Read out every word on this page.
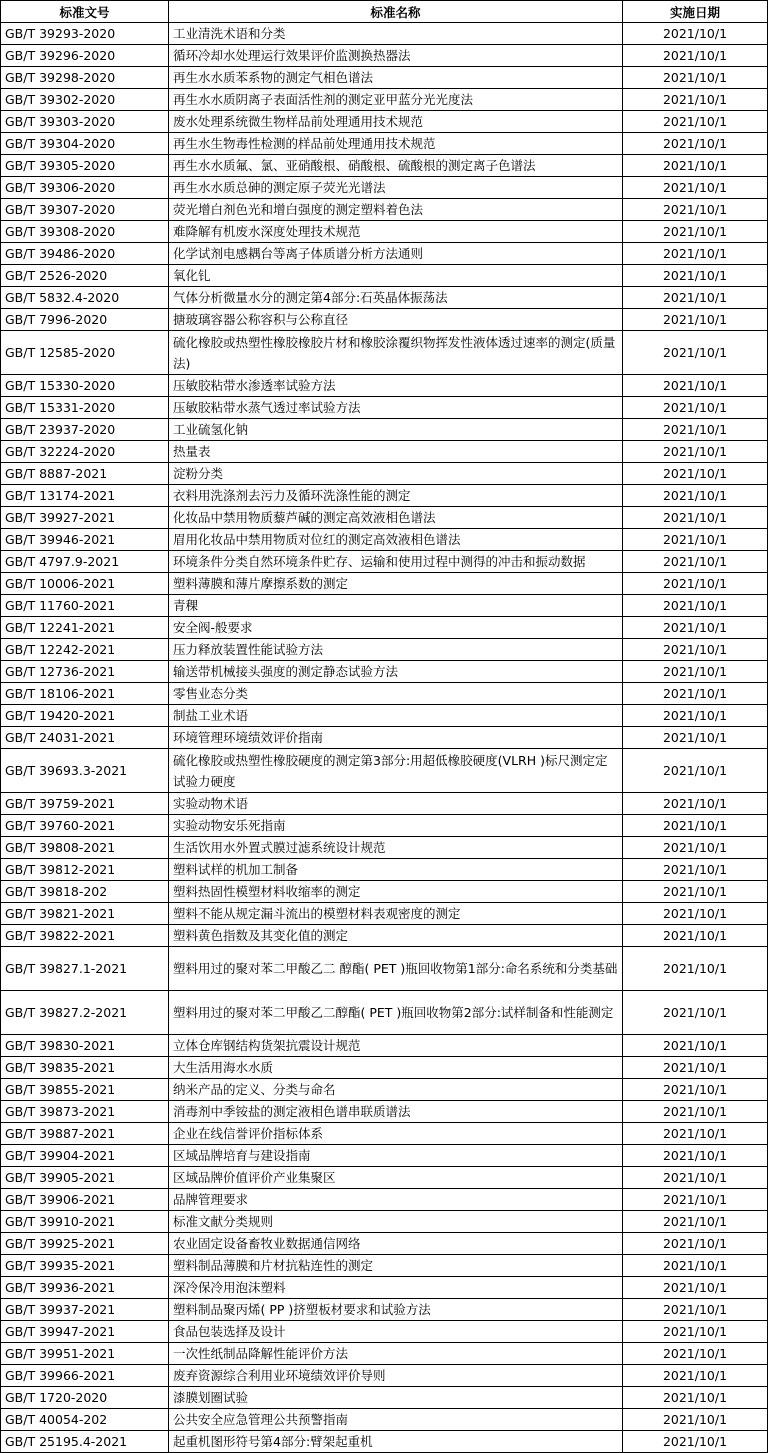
标准文号	标准名称	实施日期
GB/T 39293-2020	工业清洗术语和分类	2021/10/1
GB/T 39296-2020	循环冷却水处理运行效果评价监测换热器法	2021/10/1
GB/T 39298-2020	再生水水质苯系物的测定气相色谱法	2021/10/1
GB/T 39302-2020	再生水水质阴离子表面活性剂的测定亚甲蓝分光光度法	2021/10/1
GB/T 39303-2020	废水处理系统微生物样品前处理通用技术规范	2021/10/1
GB/T 39304-2020	再生水生物毒性检测的样品前处理通用技术规范	2021/10/1
GB/T 39305-2020	再生水水质氟、氯、亚硝酸根、硝酸根、硫酸根的测定离子色谱法	2021/10/1
GB/T 39306-2020	再生水水质总砷的测定原子荧光光谱法	2021/10/1
GB/T 39307-2020	荧光增白剂色光和增白强度的测定塑料着色法	2021/10/1
GB/T 39308-2020	难降解有机废水深度处理技术规范	2021/10/1
GB/T 39486-2020	化学试剂电感耦台等离子体质谱分析方法通则	2021/10/1
GB/T 2526-2020	氧化钆	2021/10/1
GB/T 5832.4-2020	气体分析微量水分的测定第4部分:石英晶体振荡法	2021/10/1
GB/T 7996-2020	搪玻璃容器公称容积与公称直径	2021/10/1
GB/T 12585-2020	硫化橡胶或热塑性橡胶橡胶片材和橡胶涂覆织物挥发性液体透过速率的测定(质量法)	2021/10/1
GB/T 15330-2020	压敏胶粘带水渗透率试验方法	2021/10/1
GB/T 15331-2020	压敏胶粘带水蒸气透过率试验方法	2021/10/1
GB/T 23937-2020	工业硫氢化钠	2021/10/1
GB/T 32224-2020	热量表	2021/10/1
GB/T 8887-2021	淀粉分类	2021/10/1
GB/T 13174-2021	衣料用洗涤剂去污力及循环洗涤性能的测定	2021/10/1
GB/T 39927-2021	化妆品中禁用物质藜芦碱的测定高效液相色谱法	2021/10/1
GB/T 39946-2021	眉用化妆品中禁用物质对位红的测定高效液相色谱法	2021/10/1
GB/T 4797.9-2021	环境条件分类自然环境条件贮存、运输和使用过程中测得的冲击和振动数据	2021/10/1
GB/T 10006-2021	塑料薄膜和薄片摩擦系数的测定	2021/10/1
GB/T 11760-2021	青稞	2021/10/1
GB/T 12241-2021	安全阀-般要求	2021/10/1
GB/T 12242-2021	压力释放装置性能试验方法	2021/10/1
GB/T 12736-2021	输送带机械接头强度的测定静态试验方法	2021/10/1
GB/T 18106-2021	零售业态分类	2021/10/1
GB/T 19420-2021	制盐工业术语	2021/10/1
GB/T 24031-2021	环境管理环境绩效评价指南	2021/10/1
GB/T 39693.3-2021	硫化橡胶或热塑性橡胶硬度的测定第3部分:用超低橡胶硬度(VLRH )标尺测定定试验力硬度	2021/10/1
GB/T 39759-2021	实验动物术语	2021/10/1
GB/T 39760-2021	实验动物安乐死指南	2021/10/1
GB/T 39808-2021	生活饮用水外置式膜过滤系统设计规范	2021/10/1
GB/T 39812-2021	塑料试样的机加工制备	2021/10/1
GB/T 39818-202	塑料热固性模塑材料收缩率的测定	2021/10/1
GB/T 39821-2021	塑料不能从规定漏斗流出的模塑材料表观密度的测定	2021/10/1
GB/T 39822-2021	塑料黄色指数及其变化值的测定	2021/10/1
GB/T 39827.1-2021	塑料用过的聚对苯二甲酸乙二 醇酯( PET )瓶回收物第1部分:命名系统和分类基础	2021/10/1
GB/T 39827.2-2021	塑料用过的聚对苯二甲酸乙二醇酯( PET )瓶回收物第2部分:试样制备和性能测定	2021/10/1
GB/T 39830-2021	立体仓库钢结构货架抗震设计规范	2021/10/1
GB/T 39835-2021	大生活用海水水质	2021/10/1
GB/T 39855-2021	纳米产品的定义、分类与命名	2021/10/1
GB/T 39873-2021	消毒剂中季铵盐的测定液相色谱串联质谱法	2021/10/1
GB/T 39887-2021	企业在线信誉评价指标体系	2021/10/1
GB/T 39904-2021	区域品牌培育与建设指南	2021/10/1
GB/T 39905-2021	区域品牌价值评价产业集聚区	2021/10/1
GB/T 39906-2021	品牌管理要求	2021/10/1
GB/T 39910-2021	标准文献分类规则	2021/10/1
GB/T 39925-2021	农业固定设备畜牧业数据通信网络	2021/10/1
GB/T 39935-2021	塑料制品薄膜和片材抗粘连性的测定	2021/10/1
GB/T 39936-2021	深冷保冷用泡沫塑料	2021/10/1
GB/T 39937-2021	塑料制品聚丙烯( PP )挤塑板材要求和试验方法	2021/10/1
GB/T 39947-2021	食品包装选择及设计	2021/10/1
GB/T 39951-2021	一次性纸制品降解性能评价方法	2021/10/1
GB/T 39966-2021	废弃资源综合利用业环境绩效评价导则	2021/10/1
GB/T 1720-2020	漆膜划圈试验	2021/10/1
GB/T 40054-202	公共安全应急管理公共预警指南	2021/10/1
GB/T 25195.4-2021	起重机图形符号第4部分:臂架起重机	2021/10/1
